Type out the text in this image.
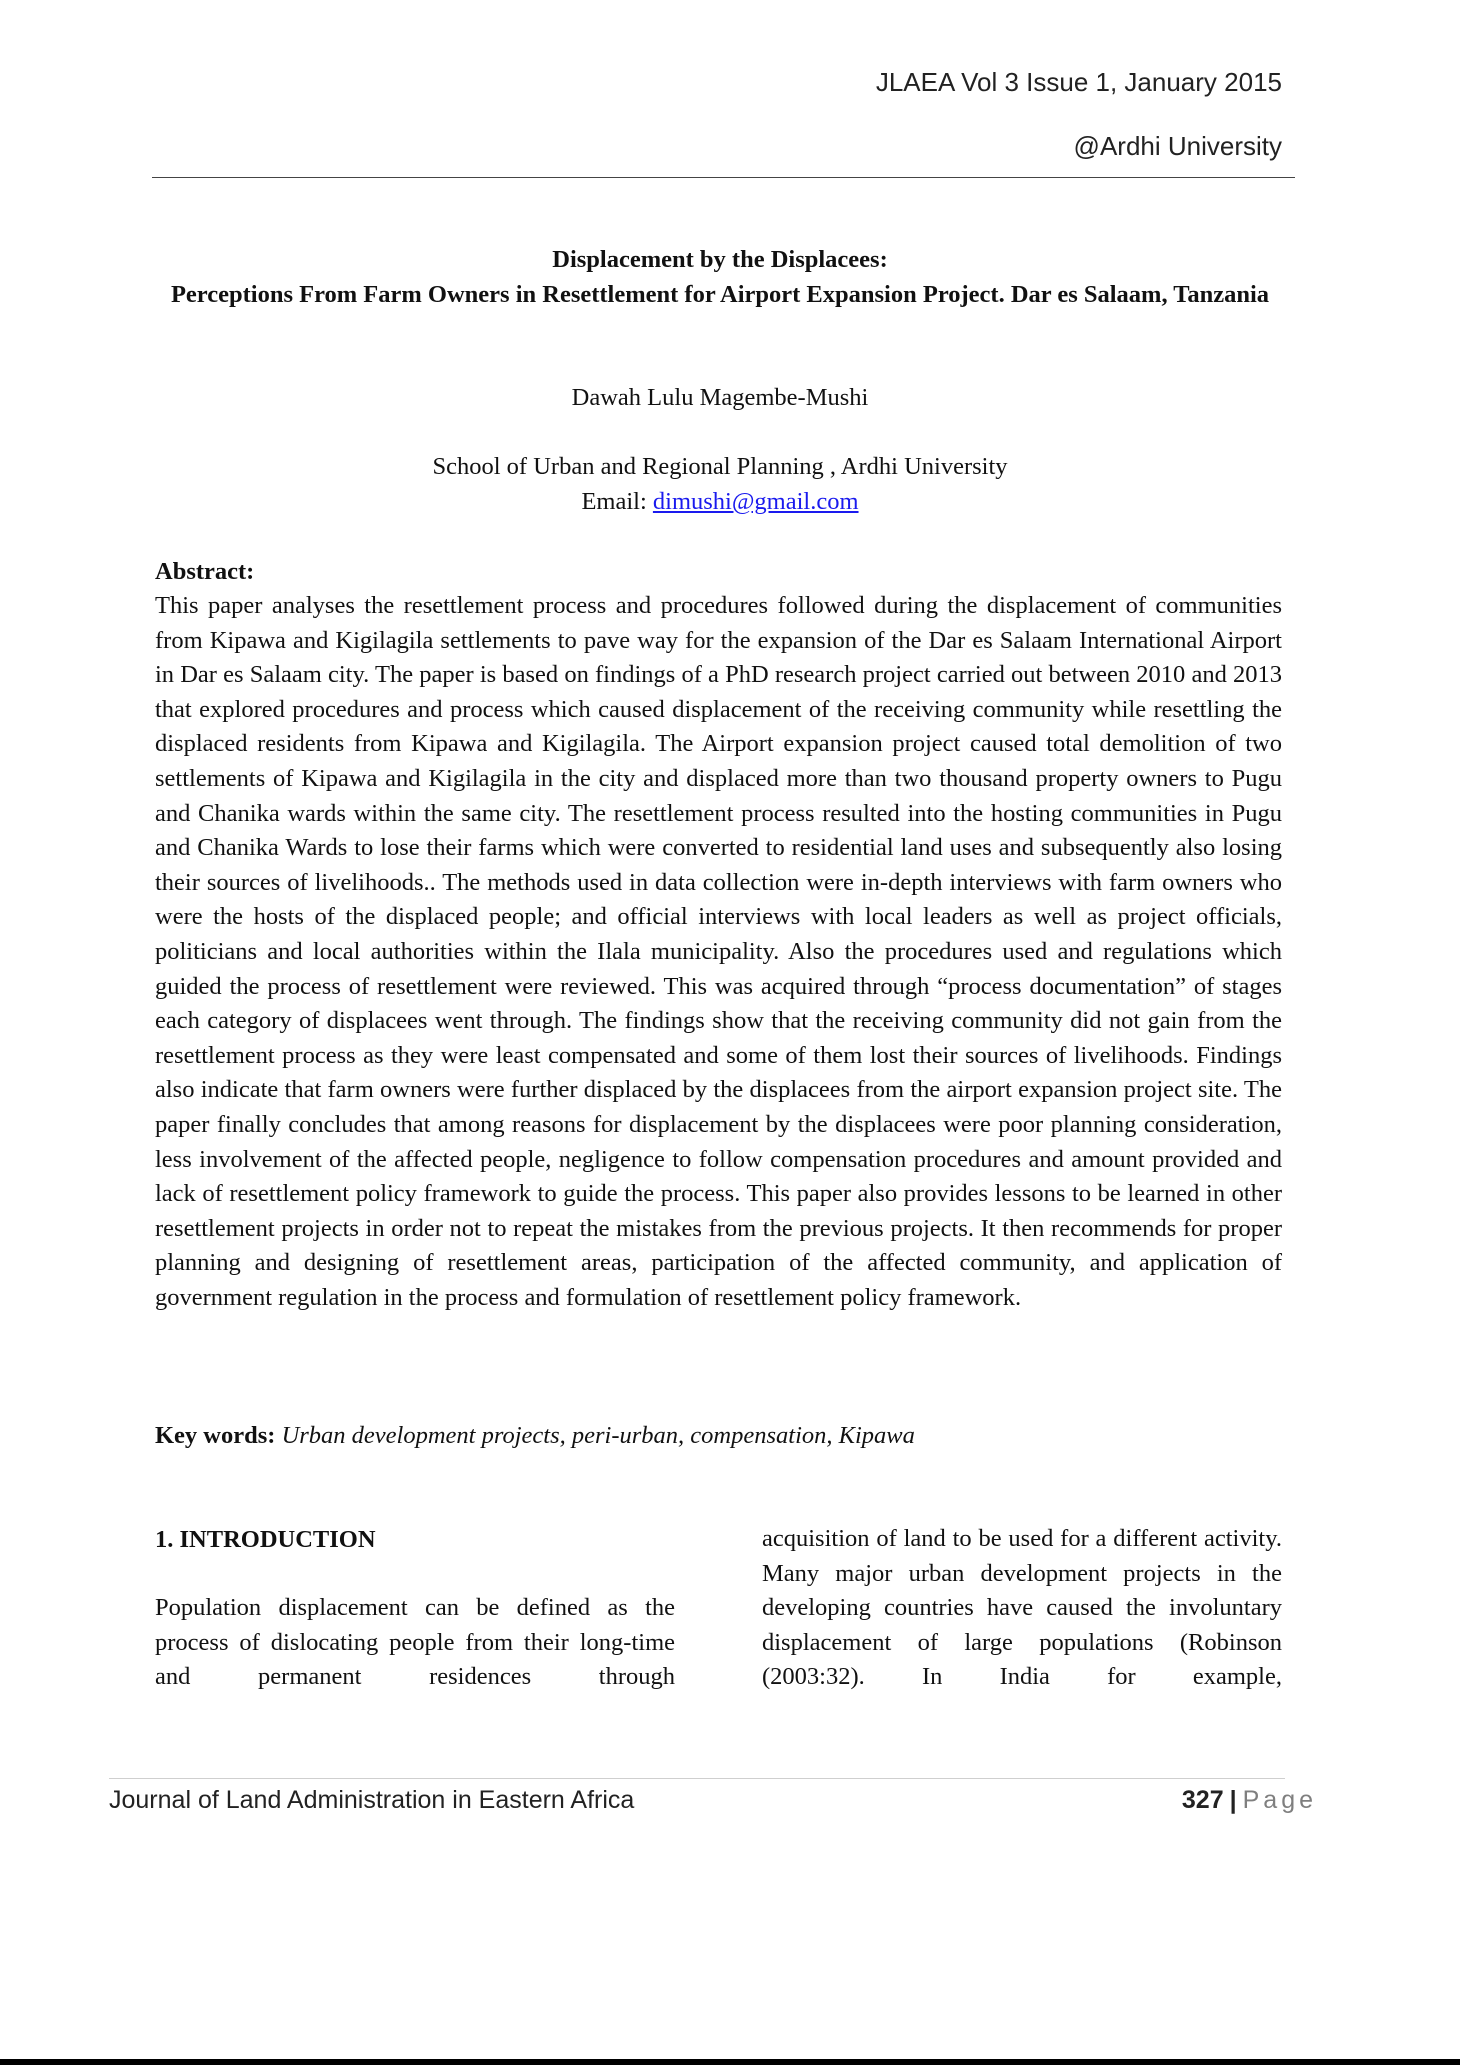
JLAEA Vol 3 Issue 1, January 2015
@Ardhi University
Displacement by the Displacees:
Perceptions From Farm Owners in Resettlement for Airport Expansion Project. Dar es Salaam, Tanzania
Dawah Lulu Magembe-Mushi
School of Urban and Regional Planning , Ardhi University
Email: dimushi@gmail.com
Abstract:

This paper analyses the resettlement process and procedures followed during the displacement of communities from Kipawa and Kigilagila settlements to pave way for the expansion of the Dar es Salaam International Airport in Dar es Salaam city. The paper is based on findings of a PhD research project carried out between 2010 and 2013 that explored procedures and process which caused displacement of the receiving community while resettling the displaced residents from Kipawa and Kigilagila. The Airport expansion project caused total demolition of two settlements of Kipawa and Kigilagila in the city and displaced more than two thousand property owners to Pugu and Chanika wards within the same city. The resettlement process resulted into the hosting communities in Pugu and Chanika Wards to lose their farms which were converted to residential land uses and subsequently also losing their sources of livelihoods.. The methods used in data collection were in-depth interviews with farm owners who were the hosts of the displaced people; and official interviews with local leaders as well as project officials, politicians and local authorities within the Ilala municipality. Also the procedures used and regulations which guided the process of resettlement were reviewed. This was acquired through “process documentation” of stages each category of displacees went through. The findings show that the receiving community did not gain from the resettlement process as they were least compensated and some of them lost their sources of livelihoods. Findings also indicate that farm owners were further displaced by the displacees from the airport expansion project site. The paper finally concludes that among reasons for displacement by the displacees were poor planning consideration, less involvement of the affected people, negligence to follow compensation procedures and amount provided and lack of resettlement policy framework to guide the process. This paper also provides lessons to be learned in other resettlement projects in order not to repeat the mistakes from the previous projects. It then recommends for proper planning and designing of resettlement areas, participation of the affected community, and application of government regulation in the process and formulation of resettlement policy framework.

Key words: Urban development projects, peri-urban, compensation, Kipawa
1. INTRODUCTION
Population displacement can be defined as the process of dislocating people from their long-time and permanent residences through
acquisition of land to be used for a different activity. Many major urban development projects in the developing countries have caused the involuntary displacement of large populations (Robinson (2003:32). In India for example,
Journal of Land Administration in Eastern Africa	327 | Page
